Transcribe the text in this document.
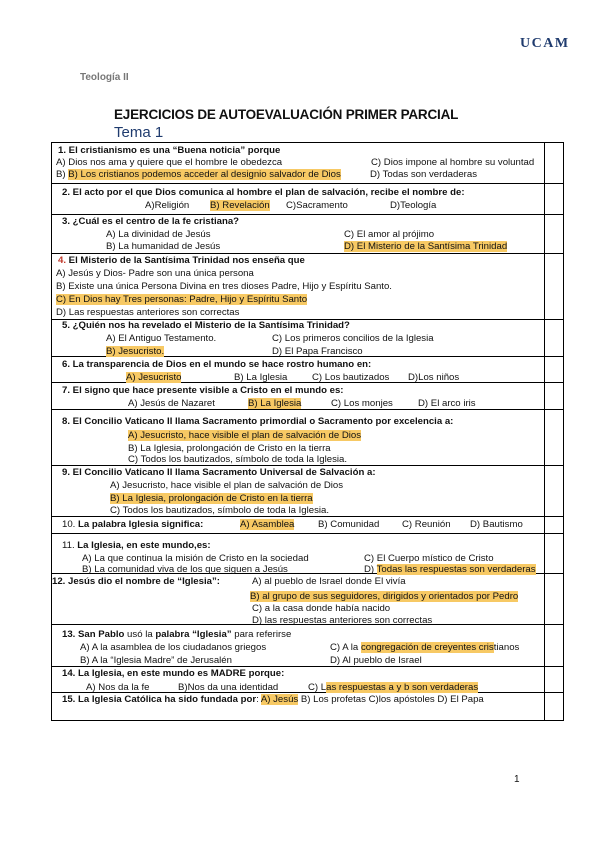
UCAM
Teología II
EJERCICIOS DE AUTOEVALUACIÓN PRIMER PARCIAL
Tema 1
1. El cristianismo es una “Buena noticia” porque
A) Dios nos ama y quiere que el hombre le obedezca	C) Dios impone al hombre su voluntad
B) B) Los cristianos podemos acceder al designio salvador de Dios	D) Todas son verdaderas
2. El acto por el que Dios comunica al hombre el plan de salvación, recibe el nombre de:
A)Religión B) Revelación C)Sacramento	D)Teología
3. ¿Cuál es el centro de la fe cristiana?
A) La divinidad de Jesús	C) El amor al prójimo
B) La humanidad de Jesús	D) El Misterio de la Santísima Trinidad
4. El Misterio de la Santísima Trinidad nos enseña que
A) Jesús y Dios- Padre son una única persona
B) Existe una única Persona Divina en tres dioses Padre, Hijo y Espíritu Santo.
C) En Dios hay Tres personas: Padre, Hijo y Espíritu Santo
D) Las respuestas anteriores son correctas
5. ¿Quién nos ha revelado el Misterio de la Santísima Trinidad?
A) El Antiguo Testamento.	C) Los primeros concilios de la Iglesia
B) Jesucristo.	D) El Papa Francisco
6. La transparencia de Dios en el mundo se hace rostro humano en:
A) Jesucristo	B) La Iglesia	C) Los bautizados D)Los niños
7. El signo que hace presente visible a Cristo en el mundo es:
A) Jesús de Nazaret	B) La Iglesia	C) Los monjes	D) El arco iris
8. El Concilio Vaticano II llama Sacramento primordial o Sacramento por excelencia a:
A) Jesucristo, hace visible el plan de salvación de Dios
B) La Iglesia, prolongación de Cristo en la tierra
C) Todos los bautizados, símbolo de toda la Iglesia.
9. El Concilio Vaticano II llama Sacramento Universal de Salvación a:
A) Jesucristo, hace visible el plan de salvación de Dios
B) La Iglesia, prolongación de Cristo en la tierra
C) Todos los bautizados, símbolo de toda la Iglesia.
10. La palabra Iglesia significa:	A) Asamblea B) Comunidad C) Reunión D) Bautismo
11. La Iglesia, en este mundo,es:
A) La que continua la misión de Cristo en la sociedad	C) El Cuerpo místico de Cristo
B) La comunidad viva de los que siguen a Jesús	D) Todas las respuestas son verdaderas
12. Jesús dio el nombre de “Iglesia”:	A) al pueblo de Israel donde El vivía
B) al grupo de sus seguidores, dirigidos y orientados por Pedro
C) a la casa donde había nacido
D) las respuestas anteriores son correctas
13. San Pablo usó la palabra “Iglesia” para referirse
A) A la asamblea de los ciudadanos griegos	C) A la congregación de creyentes cristianos
B) A la “Iglesia Madre” de Jerusalén	D) Al pueblo de Israel
14. La Iglesia, en este mundo es MADRE porque:
A) Nos da la fe	B)Nos da una identidad	C) Las respuestas a y b son verdaderas
15. La Iglesia Católica ha sido fundada por: A) Jesús B) Los profetas C)los apóstoles D) El Papa
1
